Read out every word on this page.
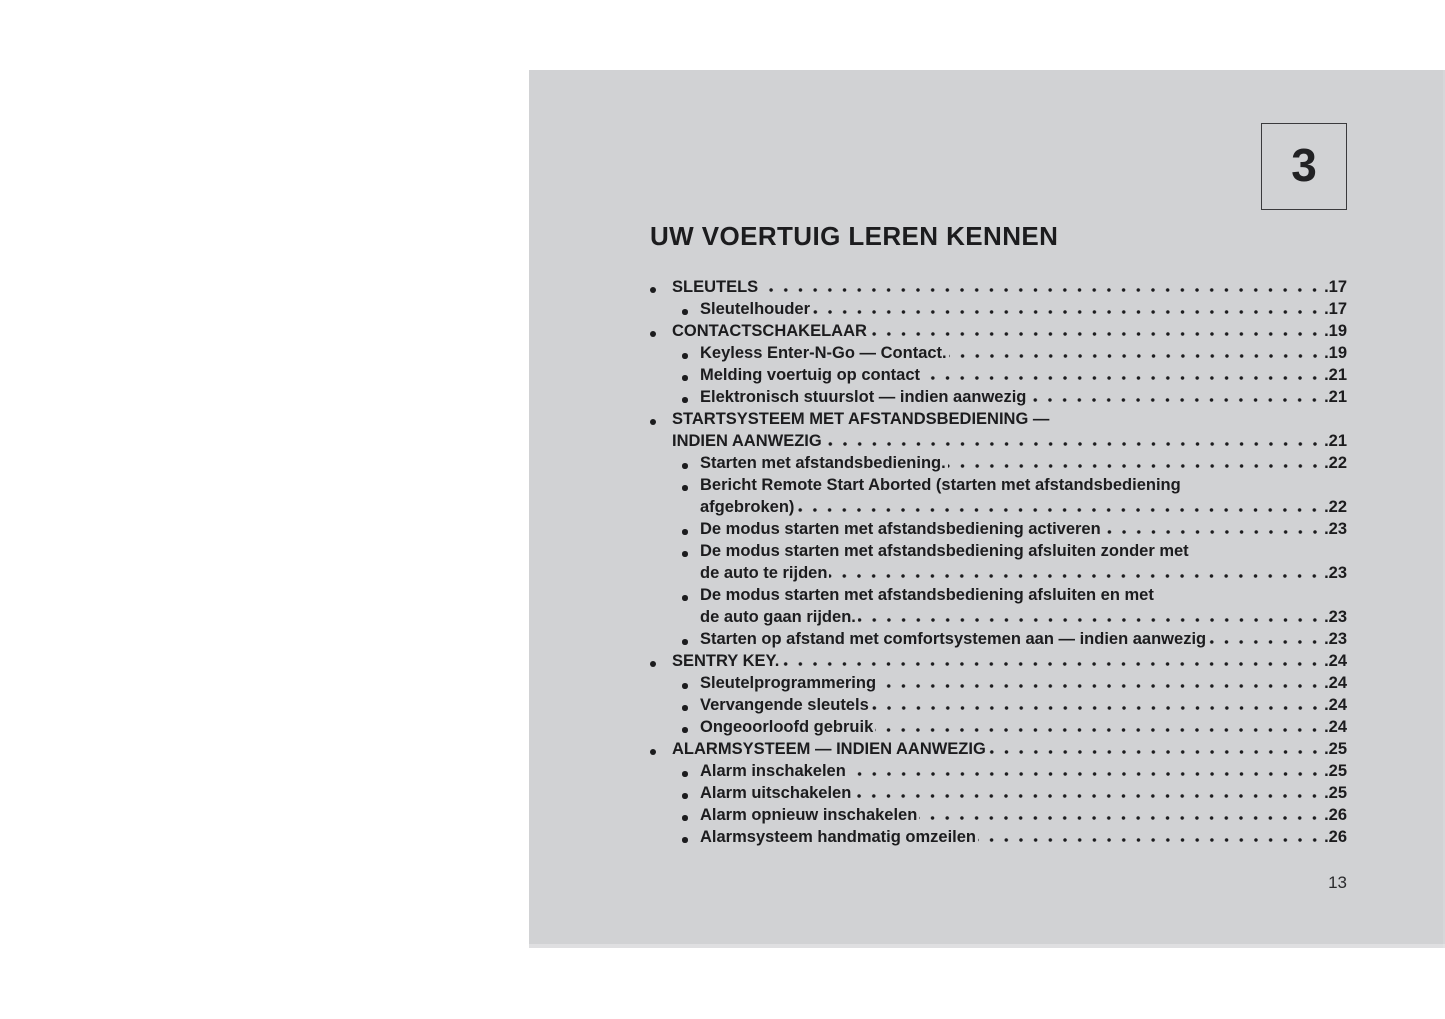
3
UW VOERTUIG LEREN KENNEN
SLEUTELS	.17
Sleutelhouder	.17
CONTACTSCHAKELAAR	.19
Keyless Enter-N-Go — Contact.	.19
Melding voertuig op contact	.21
Elektronisch stuurslot — indien aanwezig	.21
STARTSYSTEEM MET AFSTANDSBEDIENING —
INDIEN AANWEZIG	.21
Starten met afstandsbediening.	.22
Bericht Remote Start Aborted (starten met afstandsbediening
afgebroken)	.22
De modus starten met afstandsbediening activeren	.23
De modus starten met afstandsbediening afsluiten zonder met
de auto te rijden	.23
De modus starten met afstandsbediening afsluiten en met
de auto gaan rijden.	.23
Starten op afstand met comfortsystemen aan — indien aanwezig	.23
SENTRY KEY.	.24
Sleutelprogrammering	.24
Vervangende sleutels	.24
Ongeoorloofd gebruik	.24
ALARMSYSTEEM — INDIEN AANWEZIG	.25
Alarm inschakelen	.25
Alarm uitschakelen	.25
Alarm opnieuw inschakelen	.26
Alarmsysteem handmatig omzeilen	.26
13
